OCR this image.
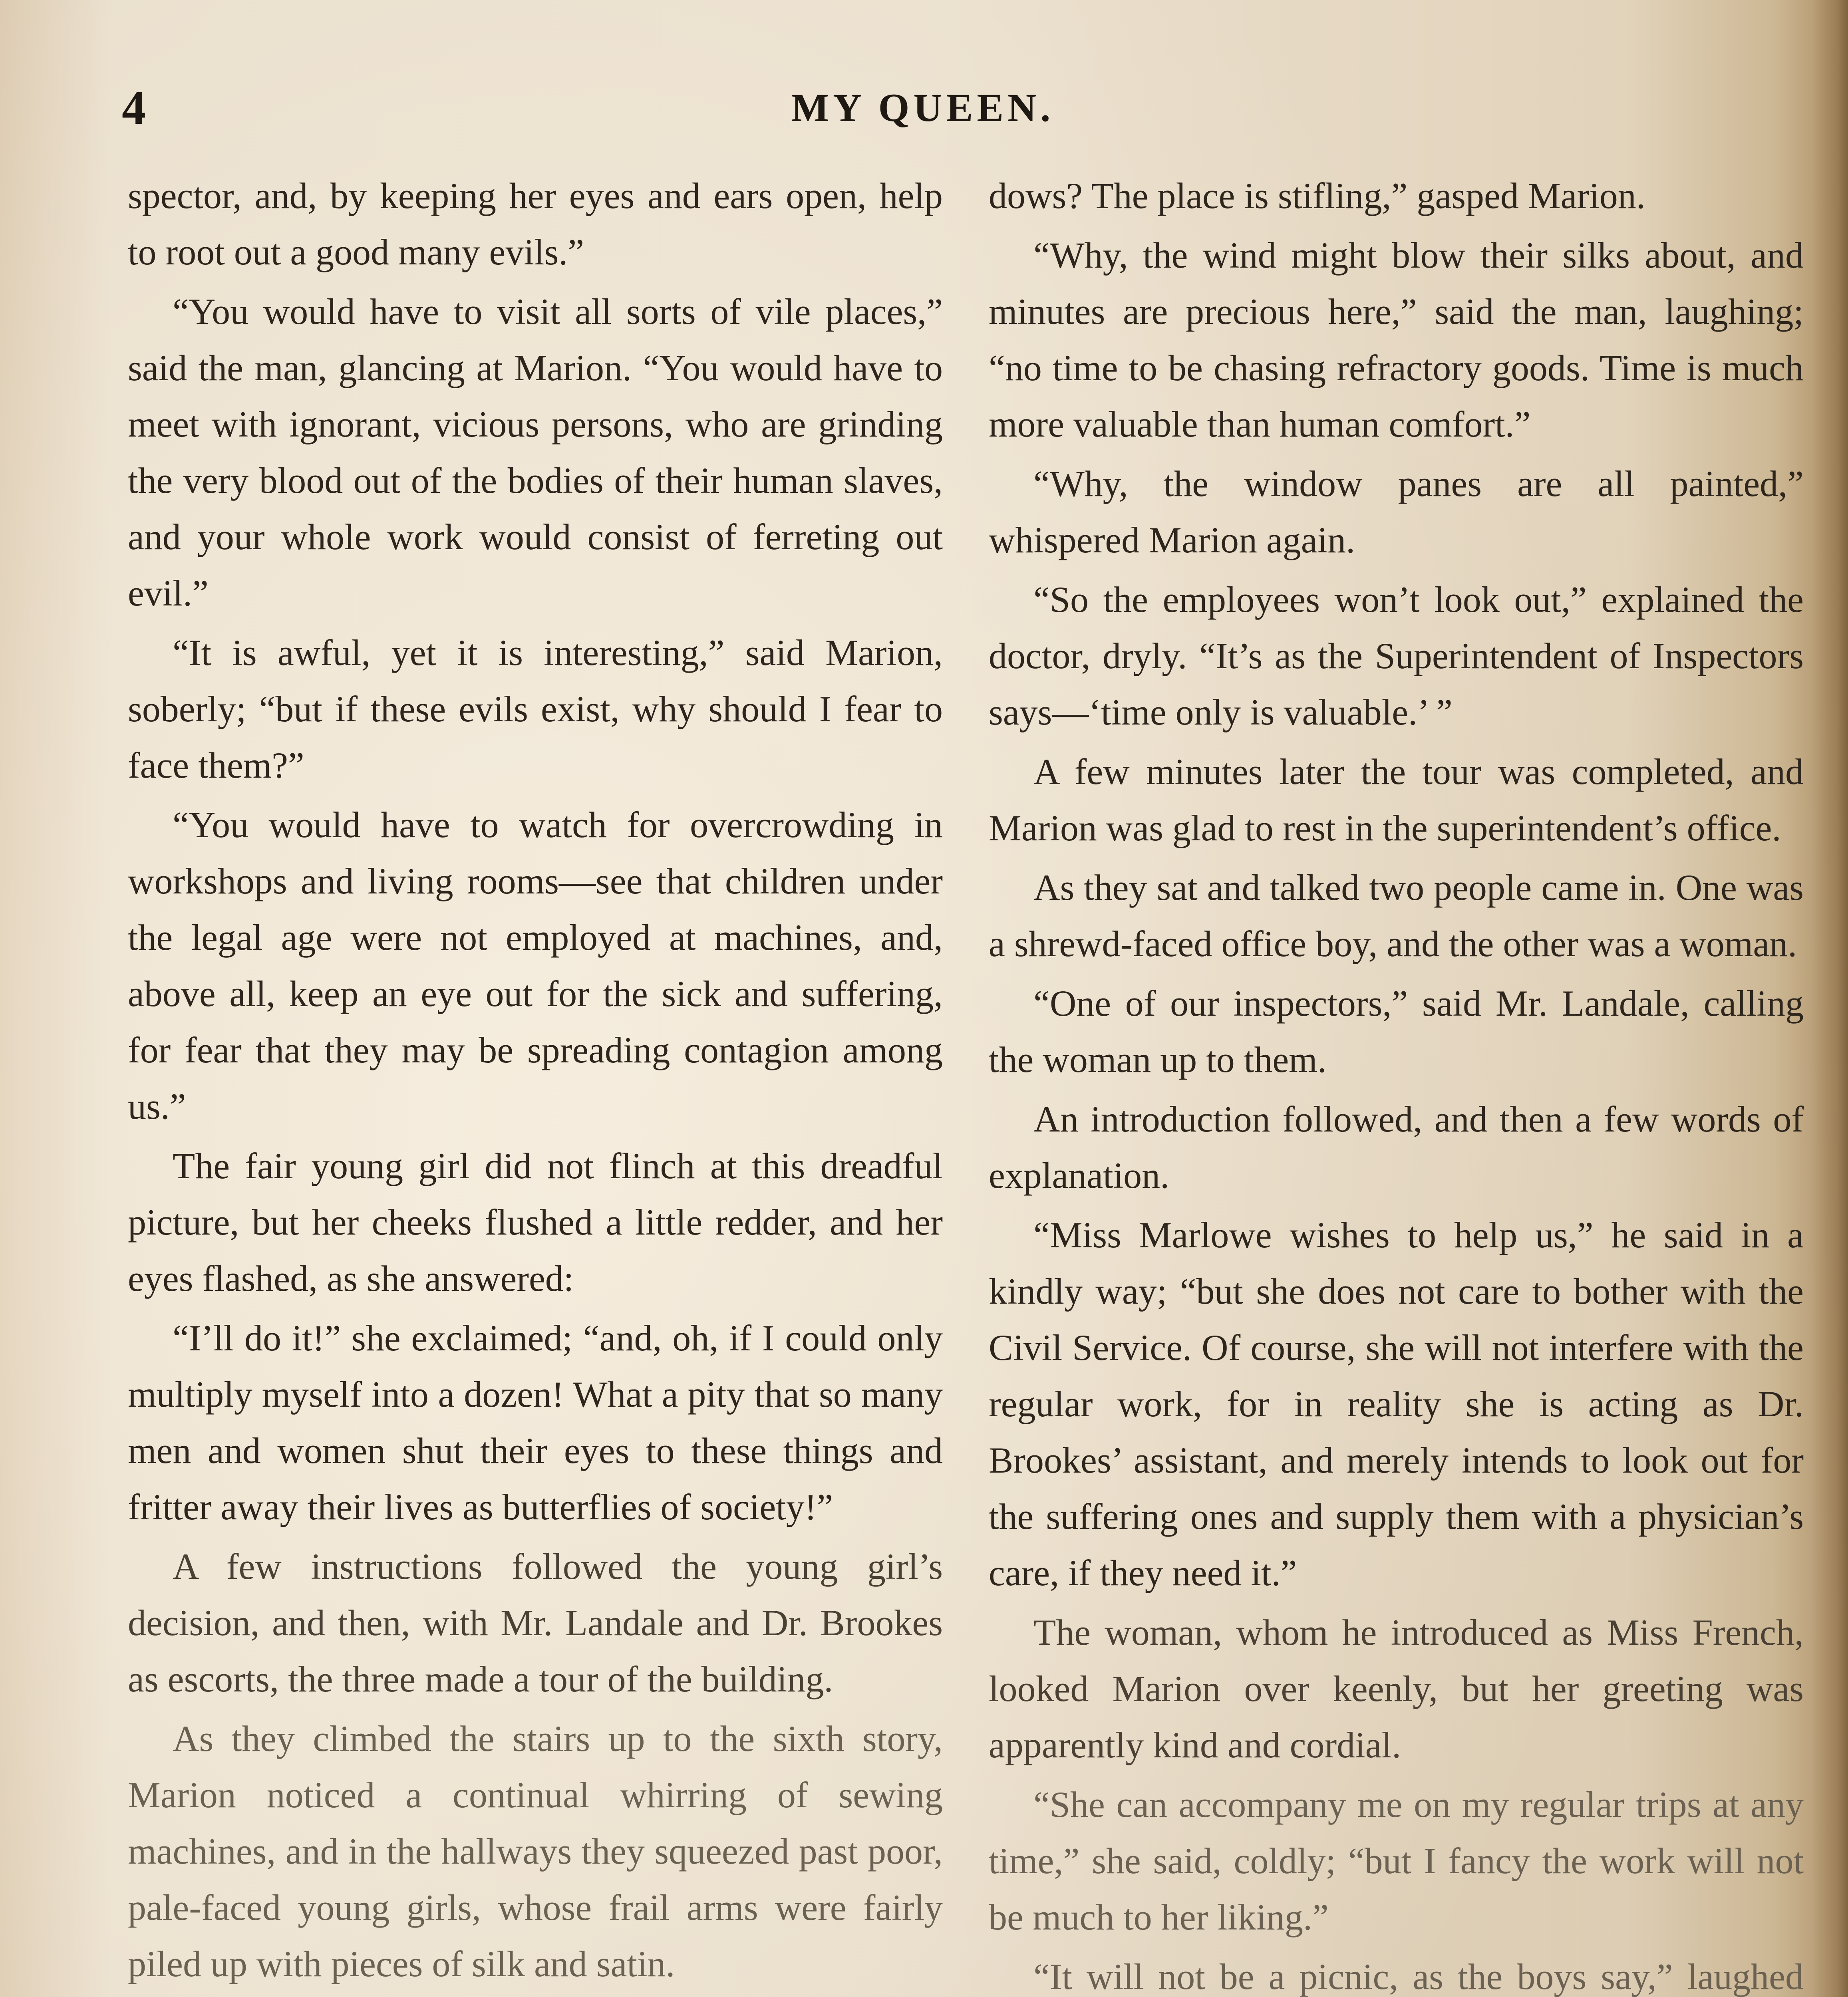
4	MY QUEEN.

spector, and, by keeping her eyes and ears open, help to root out a good many evils.”

“You would have to visit all sorts of vile places,” said the man, glancing at Marion. “You would have to meet with ignorant, vicious persons, who are grinding the very blood out of the bodies of their human slaves, and your whole work would consist of ferreting out evil.”

“It is awful, yet it is interesting,” said Marion, soberly; “but if these evils exist, why should I fear to face them?”

“You would have to watch for overcrowding in workshops and living rooms—see that children under the legal age were not employed at machines, and, above all, keep an eye out for the sick and suffering, for fear that they may be spreading contagion among us.”

The fair young girl did not flinch at this dreadful picture, but her cheeks flushed a little redder, and her eyes flashed, as she answered:

“I’ll do it!” she exclaimed; “and, oh, if I could only multiply myself into a dozen! What a pity that so many men and women shut their eyes to these things and fritter away their lives as butterflies of society!”

A few instructions followed the young girl’s decision, and then, with Mr. Landale and Dr. Brookes as escorts, the three made a tour of the building.

As they climbed the stairs up to the sixth story, Marion noticed a continual whirring of sewing machines, and in the hallways they squeezed past poor, pale-faced young girls, whose frail arms were fairly piled up with pieces of silk and satin.

dows? The place is stifling,” gasped Marion.

“Why, the wind might blow their silks about, and minutes are precious here,” said the man, laughing; “no time to be chasing refractory goods. Time is much more valuable than human comfort.”

“Why, the window panes are all painted,” whispered Marion again.

“So the employees won’t look out,” explained the doctor, dryly. “It’s as the Superintendent of Inspectors says—‘time only is valuable.’ ”

A few minutes later the tour was completed, and Marion was glad to rest in the superintendent’s office.

As they sat and talked two people came in. One was a shrewd-faced office boy, and the other was a woman.

“One of our inspectors,” said Mr. Landale, calling the woman up to them.

An introduction followed, and then a few words of explanation.

“Miss Marlowe wishes to help us,” he said in a kindly way; “but she does not care to bother with the Civil Service. Of course, she will not interfere with the regular work, for in reality she is acting as Dr. Brookes’ assistant, and merely intends to look out for the suffering ones and supply them with a physician’s care, if they need it.”

The woman, whom he introduced as Miss French, looked Marion over keenly, but her greeting was apparently kind and cordial.

“She can accompany me on my regular trips at any time,” she said, coldly; “but I fancy the work will not be much to her liking.”

“It will not be a picnic, as the boys say,” laughed
